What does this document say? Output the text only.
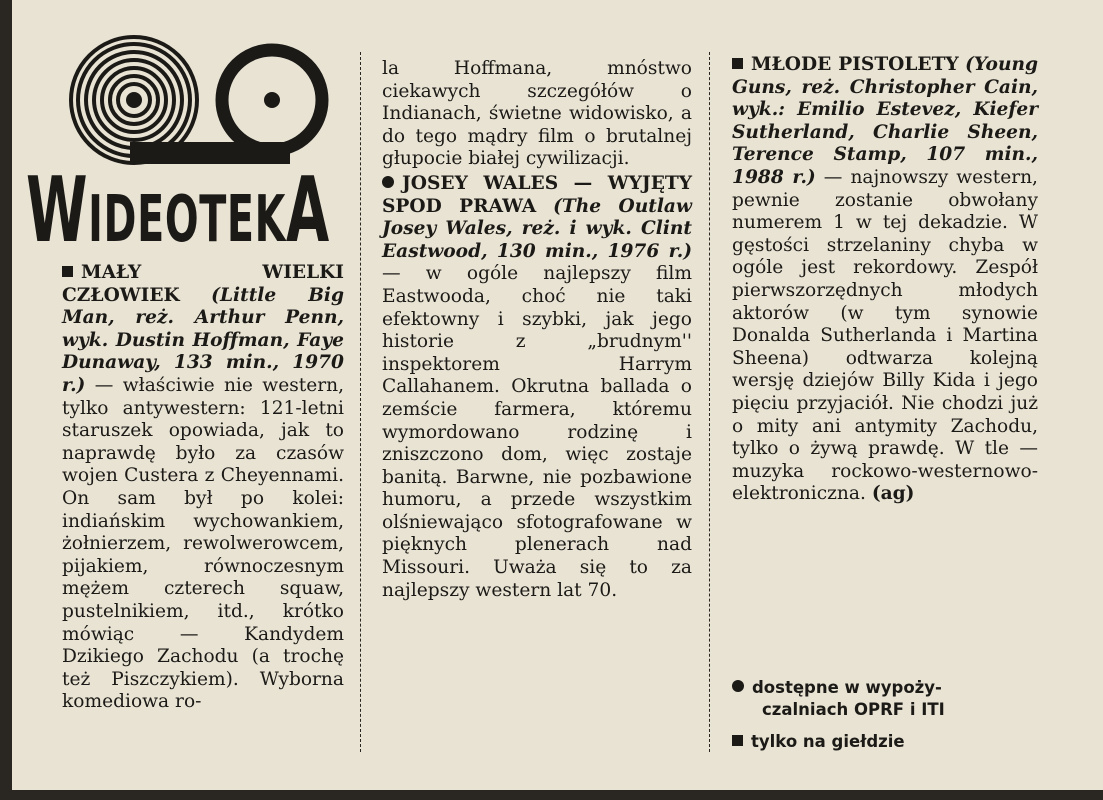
WIDEOTEKA

MAŁY WIELKI CZŁOWIEK (Little Big Man, reż. Arthur Penn, wyk. Dustin Hoffman, Faye Dunaway, 133 min., 1970 r.) — właściwie nie western, tylko antywestern: 121-letni staruszek opowiada, jak to naprawdę było za czasów wojen Custera z Cheyennami. On sam był po kolei: indiańskim wychowankiem, żołnierzem, rewolwerowcem, pijakiem, równoczesnym mężem czterech squaw, pustelnikiem, itd., krótko mówiąc — Kandydem Dzikiego Zachodu (a trochę też Piszczykiem). Wyborna komediowa ro-

la Hoffmana, mnóstwo ciekawych szczegółów o Indianach, świetne widowisko, a do tego mądry film o brutalnej głupocie białej cywilizacji.

JOSEY WALES — WYJĘTY SPOD PRAWA (The Outlaw Josey Wales, reż. i wyk. Clint Eastwood, 130 min., 1976 r.) — w ogóle najlepszy film Eastwooda, choć nie taki efektowny i szybki, jak jego historie z „brudnym'' inspektorem Harrym Callahanem. Okrutna ballada o zemście farmera, któremu wymordowano rodzinę i zniszczono dom, więc zostaje banitą. Barwne, nie pozbawione humoru, a przede wszystkim olśniewająco sfotografowane w pięknych plenerach nad Missouri. Uważa się to za najlepszy western lat 70.

MŁODE PISTOLETY (Young Guns, reż. Christopher Cain, wyk.: Emilio Estevez, Kiefer Sutherland, Charlie Sheen, Terence Stamp, 107 min., 1988 r.) — najnowszy western, pewnie zostanie obwołany numerem 1 w tej dekadzie. W gęstości strzelaniny chyba w ogóle jest rekordowy. Zespół pierwszorzędnych młodych aktorów (w tym synowie Donalda Sutherlanda i Martina Sheena) odtwarza kolejną wersję dziejów Billy Kida i jego pięciu przyjaciół. Nie chodzi już o mity ani antymity Zachodu, tylko o żywą prawdę. W tle — muzyka rockowo-westernowo-elektroniczna. (ag)

dostępne w wypoży-
czalniach OPRF i ITI
tylko na giełdzie
